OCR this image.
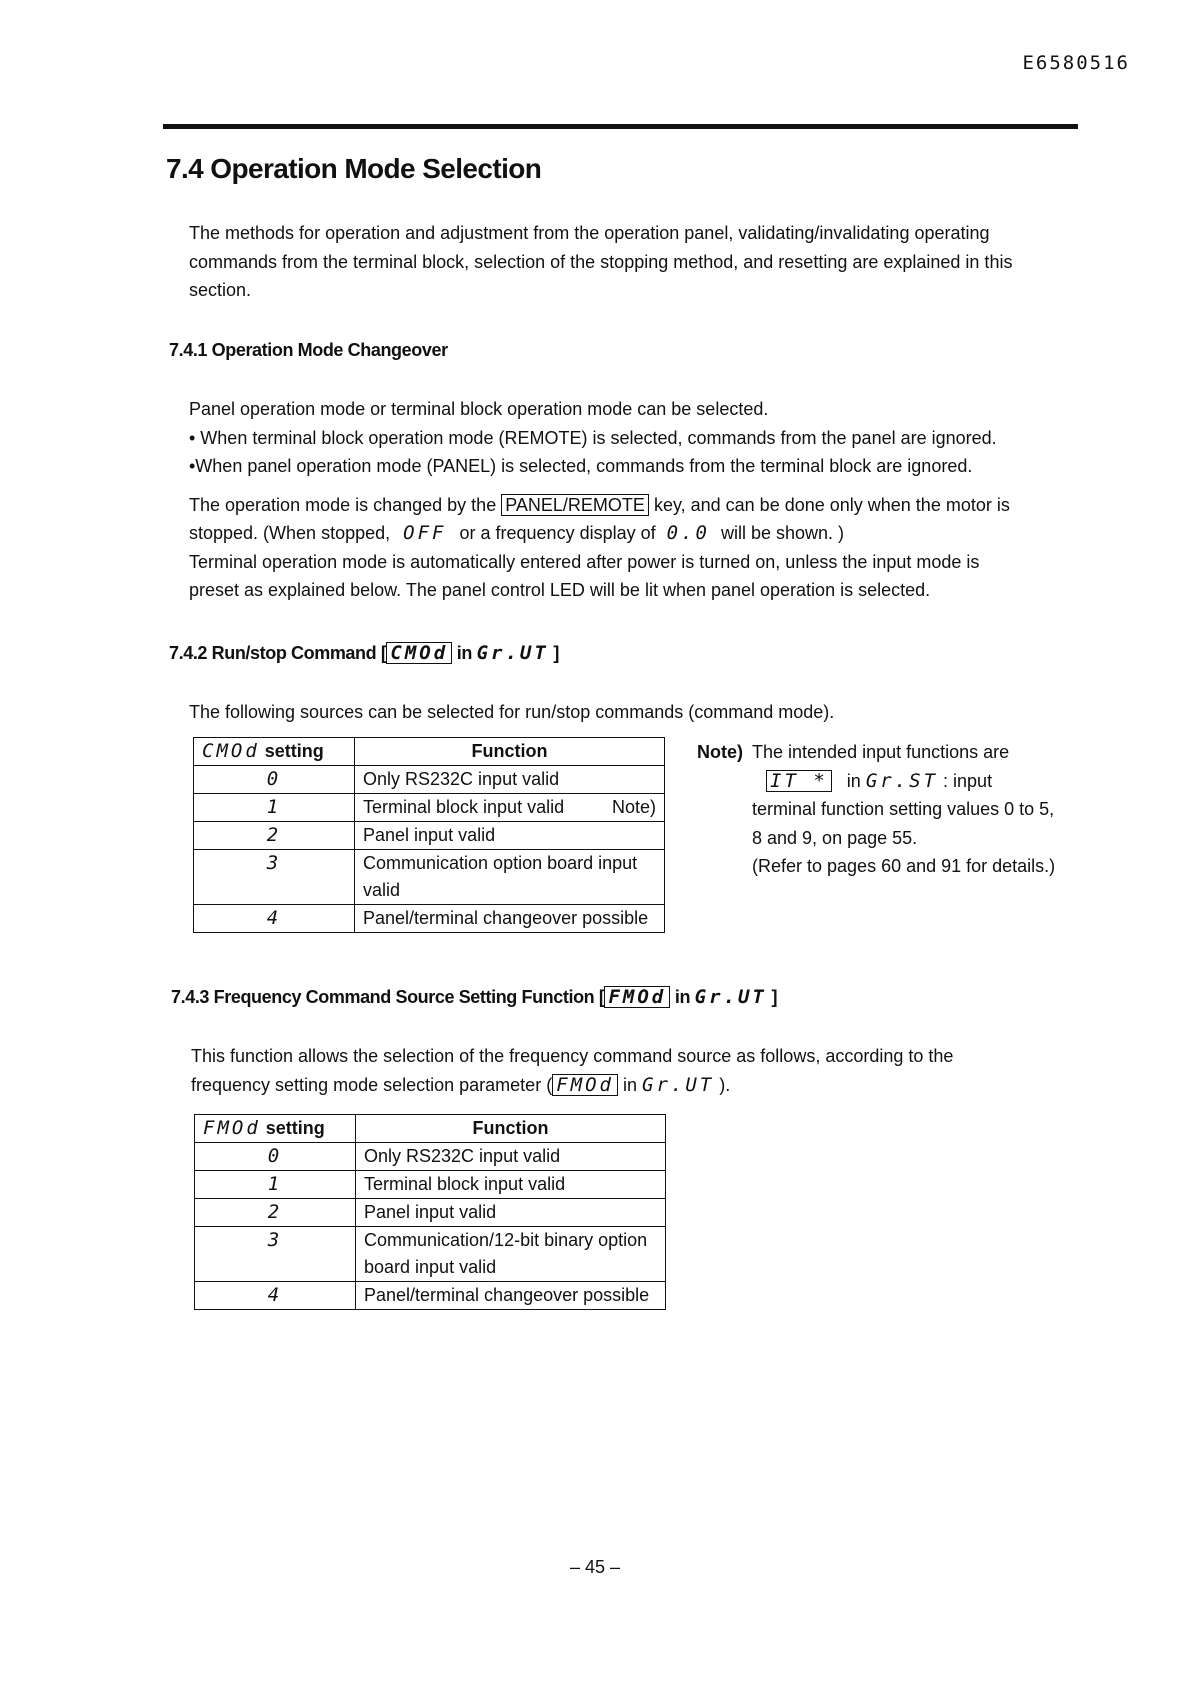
E6580516
7.4 Operation Mode Selection
The methods for operation and adjustment from the operation panel, validating/invalidating operating
commands from the terminal block, selection of the stopping method, and resetting are explained in this
section.
7.4.1 Operation Mode Changeover
Panel operation mode or terminal block operation mode can be selected.
• When terminal block operation mode (REMOTE) is selected, commands from the panel are ignored.
•When panel operation mode (PANEL) is selected, commands from the terminal block are ignored.
The operation mode is changed by the PANEL/REMOTE key, and can be done only when the motor is
stopped. (When stopped, OFF or a frequency display of 0.0 will be shown. )
Terminal operation mode is automatically entered after power is turned on, unless the input mode is
preset as explained below. The panel control LED will be lit when panel operation is selected.
7.4.2 Run/stop Command [ CMOd in Gr.UT ]
The following sources can be selected for run/stop commands (command mode).
CMOd setting	Function
0	Only RS232C input valid
1	Terminal block input valid Note)

2	Panel input valid
3	Communication option board input valid
4	Panel/terminal changeover possible
Note) The intended input functions are
IT * in Gr.ST : input
terminal function setting values 0 to 5,
8 and 9, on page 55.
(Refer to pages 60 and 91 for details.)
7.4.3 Frequency Command Source Setting Function [ FMOd in Gr.UT ]
This function allows the selection of the frequency command source as follows, according to the
frequency setting mode selection parameter ( FMOd in Gr.UT ).
FMOd setting	Function
0	Only RS232C input valid
1	Terminal block input valid
2	Panel input valid
3	Communication/12-bit binary option board input valid
4	Panel/terminal changeover possible
– 45 –
